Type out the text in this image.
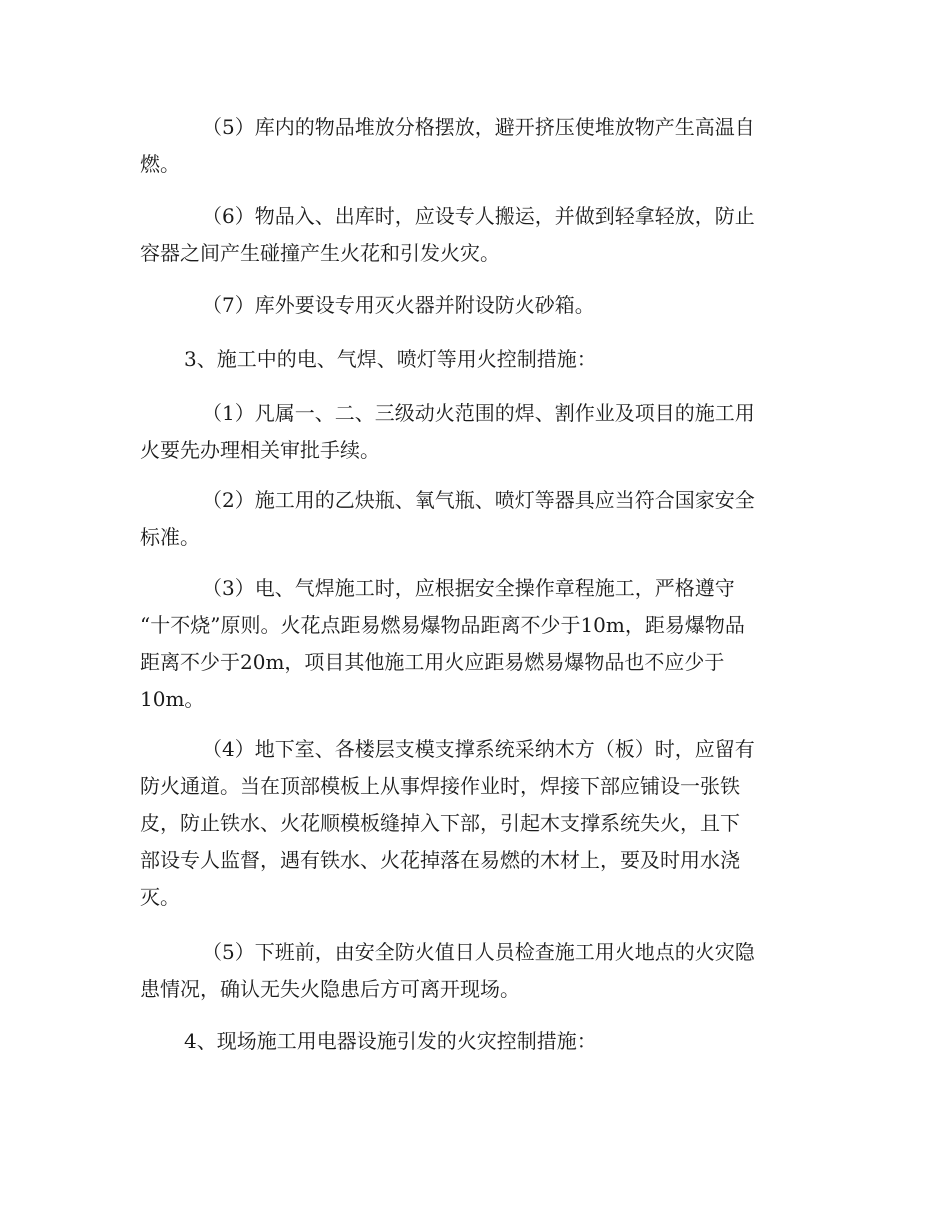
（5）库内的物品堆放分格摆放，避开挤压使堆放物产生高温自
燃。
（6）物品入、出库时，应设专人搬运，并做到轻拿轻放，防止
容器之间产生碰撞产生火花和引发火灾。
（7）库外要设专用灭火器并附设防火砂箱。
3、施工中的电、气焊、喷灯等用火控制措施：
（1）凡属一、二、三级动火范围的焊、割作业及项目的施工用
火要先办理相关审批手续。
（2）施工用的乙炔瓶、氧气瓶、喷灯等器具应当符合国家安全
标准。
（3）电、气焊施工时，应根据安全操作章程施工，严格遵守
“十不烧”原则。火花点距易燃易爆物品距离不少于10m，距易爆物品
距离不少于20m，项目其他施工用火应距易燃易爆物品也不应少于
10m。
（4）地下室、各楼层支模支撑系统采纳木方（板）时，应留有
防火通道。当在顶部模板上从事焊接作业时，焊接下部应铺设一张铁
皮，防止铁水、火花顺模板缝掉入下部，引起木支撑系统失火，且下
部设专人监督，遇有铁水、火花掉落在易燃的木材上，要及时用水浇
灭。
（5）下班前，由安全防火值日人员检查施工用火地点的火灾隐
患情况，确认无失火隐患后方可离开现场。
4、现场施工用电器设施引发的火灾控制措施：
